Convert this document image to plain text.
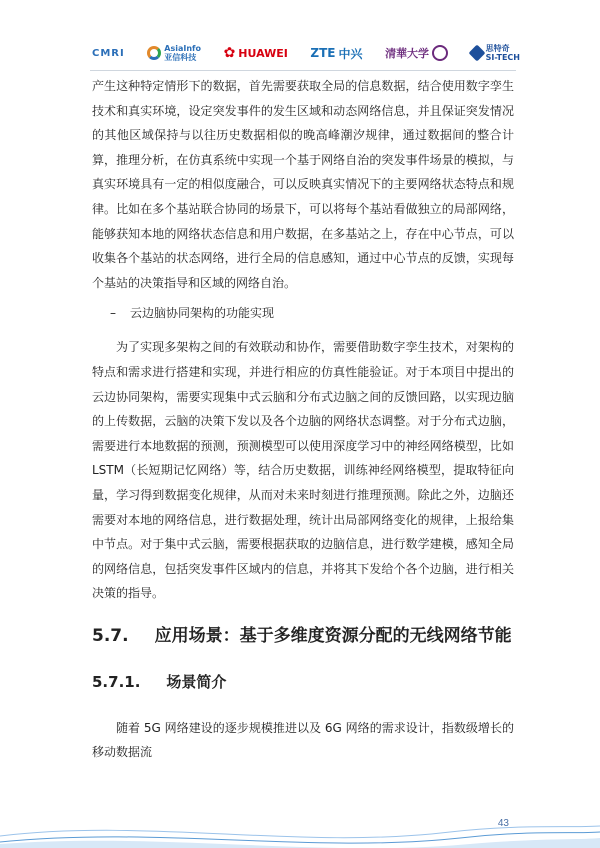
CMRI	AsiaInfo
亚信科技	✿ HUAWEI ZTE 中兴 清華大学	思特奇
SI-TECH

产生这种特定情形下的数据，首先需要获取全局的信息数据，结合使用数字孪生技术和真实环境，设定突发事件的发生区域和动态网络信息，并且保证突发情况的其他区域保持与以往历史数据相似的晚高峰潮汐规律，通过数据间的整合计算，推理分析，在仿真系统中实现一个基于网络自治的突发事件场景的模拟，与真实环境具有一定的相似度融合，可以反映真实情况下的主要网络状态特点和规律。比如在多个基站联合协同的场景下，可以将每个基站看做独立的局部网络，能够获知本地的网络状态信息和用户数据，在多基站之上，存在中心节点，可以收集各个基站的状态网络，进行全局的信息感知，通过中心节点的反馈，实现每个基站的决策指导和区域的网络自治。

–	云边脑协同架构的功能实现

为了实现多架构之间的有效联动和协作，需要借助数字孪生技术，对架构的特点和需求进行搭建和实现，并进行相应的仿真性能验证。对于本项目中提出的云边协同架构，需要实现集中式云脑和分布式边脑之间的反馈回路，以实现边脑的上传数据，云脑的决策下发以及各个边脑的网络状态调整。对于分布式边脑，需要进行本地数据的预测，预测模型可以使用深度学习中的神经网络模型，比如 LSTM（长短期记忆网络）等，结合历史数据，训练神经网络模型，提取特征向量，学习得到数据变化规律，从而对未来时刻进行推理预测。除此之外，边脑还需要对本地的网络信息，进行数据处理，统计出局部网络变化的规律，上报给集中节点。对于集中式云脑，需要根据获取的边脑信息，进行数学建模，感知全局的网络信息，包括突发事件区域内的信息，并将其下发给个各个边脑，进行相关决策的指导。

5.7. 应用场景：基于多维度资源分配的无线网络节能
5.7.1. 场景简介

随着 5G 网络建设的逐步规模推进以及 6G 网络的需求设计，指数级增长的移动数据流

43
